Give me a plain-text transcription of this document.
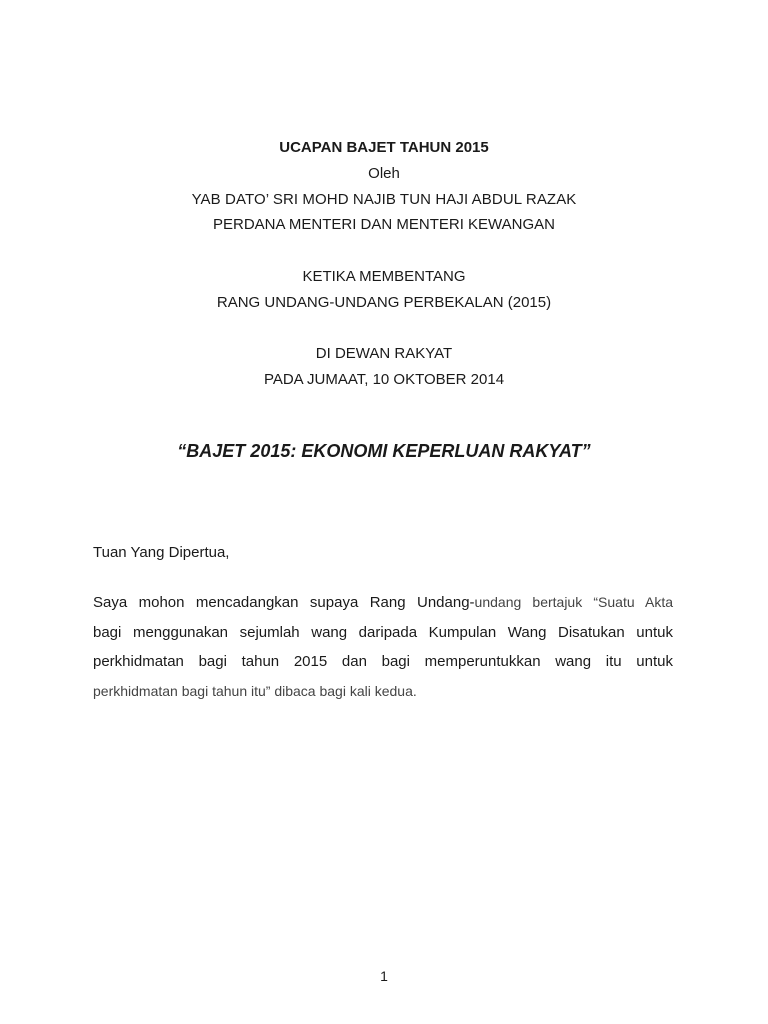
UCAPAN BAJET TAHUN 2015
Oleh
YAB DATO’ SRI MOHD NAJIB TUN HAJI ABDUL RAZAK
PERDANA MENTERI DAN MENTERI KEWANGAN
KETIKA MEMBENTANG
RANG UNDANG-UNDANG PERBEKALAN (2015)
DI DEWAN RAKYAT
PADA JUMAAT, 10 OKTOBER 2014
“BAJET 2015: EKONOMI KEPERLUAN RAKYAT”
Tuan Yang Dipertua,
Saya mohon mencadangkan supaya Rang Undang-undang bertajuk “Suatu Akta
bagi menggunakan sejumlah wang daripada Kumpulan Wang Disatukan untuk
perkhidmatan bagi tahun 2015 dan bagi memperuntukkan wang itu untuk
perkhidmatan bagi tahun itu” dibaca bagi kali kedua.
1
